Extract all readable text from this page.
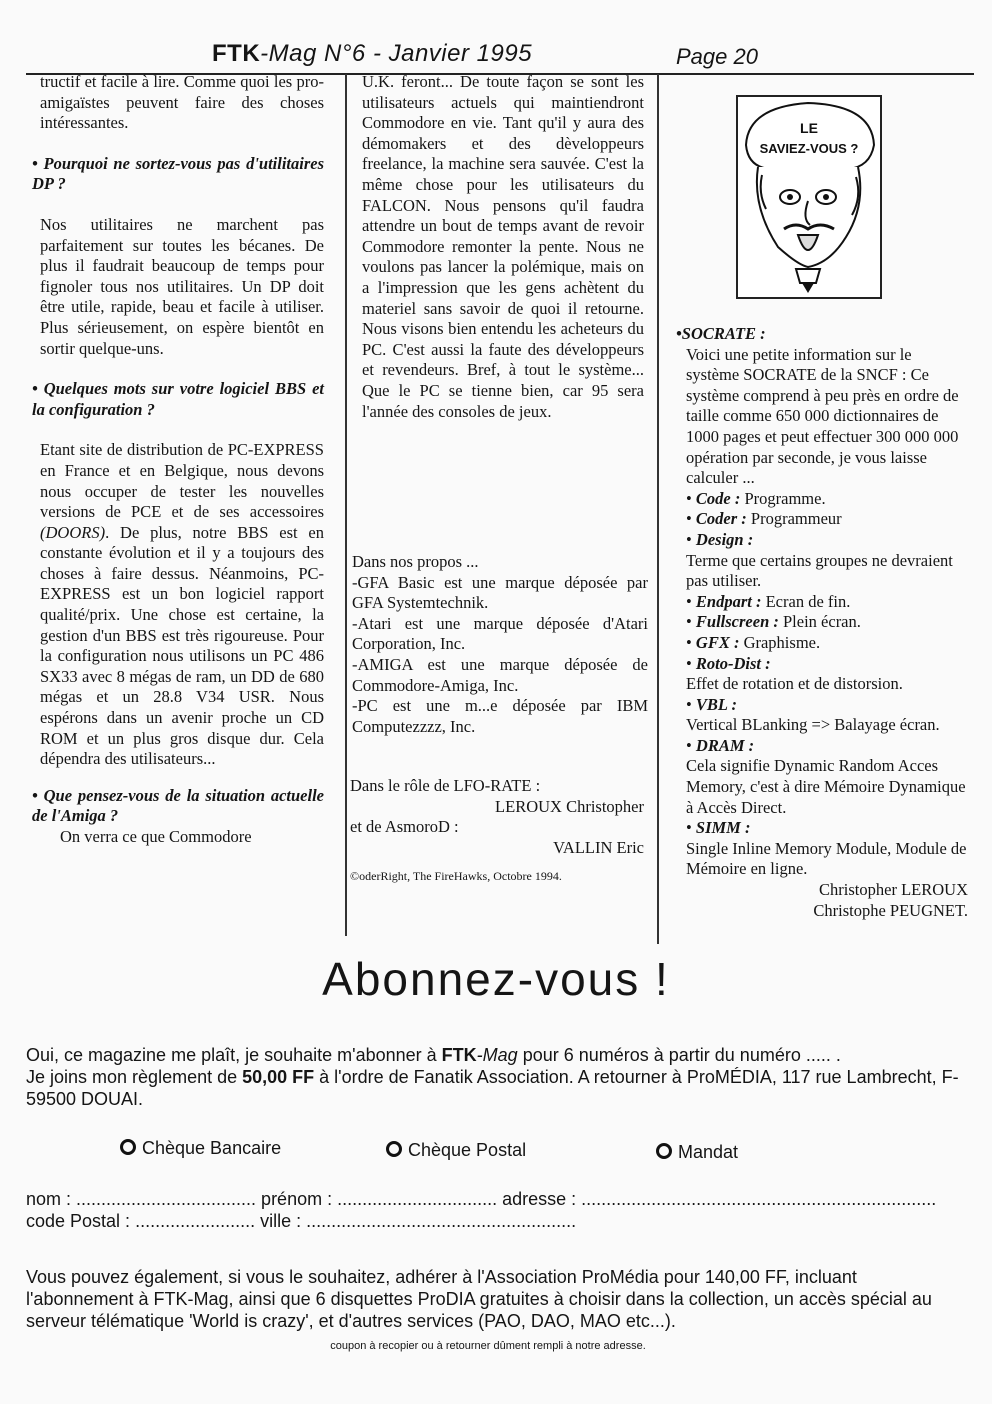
FTK-Mag N°6 - Janvier 1995	Page 20

tructif et facile à lire. Comme quoi les pro-amigaïstes peuvent faire des choses intéressantes.

• Pourquoi ne sortez-vous pas d'utilitaires DP ?

Nos utilitaires ne marchent pas parfaitement sur toutes les bécanes. De plus il faudrait beaucoup de temps pour fignoler tous nos utilitaires. Un DP doit être utile, rapide, beau et facile à utiliser. Plus sérieusement, on espère bientôt en sortir quelque-uns.

• Quelques mots sur votre logiciel BBS et la configuration ?

Etant site de distribution de PC-EXPRESS en France et en Belgique, nous devons nous occuper de tester les nouvelles versions de PCE et de ses accessoires (DOORS). De plus, notre BBS est en constante évolution et il y a toujours des choses à faire dessus. Néanmoins, PC-EXPRESS est un bon logiciel rapport qualité/prix. Une chose est certaine, la gestion d'un BBS est très rigoureuse. Pour la configuration nous utilisons un PC 486 SX33 avec 8 mégas de ram, un DD de 680 mégas et un 28.8 V34 USR. Nous espérons dans un avenir proche un CD ROM et un plus gros disque dur. Cela dépendra des utilisateurs...

• Que pensez-vous de la situation actuelle de l'Amiga ?

On verra ce que Commodore

U.K. feront... De toute façon se sont les utilisateurs actuels qui maintiendront Commodore en vie. Tant qu'il y aura des démomakers et des dèveloppeurs freelance, la machine sera sauvée. C'est la même chose pour les utilisateurs du FALCON. Nous pensons qu'il faudra attendre un bout de temps avant de revoir Commodore remonter la pente. Nous ne voulons pas lancer la polémique, mais on a l'impression que les gens achètent du materiel sans savoir de quoi il retourne. Nous visons bien entendu les acheteurs du PC. C'est aussi la faute des développeurs et revendeurs. Bref, à tout le système... Que le PC se tienne bien, car 95 sera l'année des consoles de jeux.

Dans nos propos ...

-GFA Basic est une marque déposée par GFA Systemtechnik.

-Atari est une marque déposée d'Atari Corporation, Inc.

-AMIGA est une marque déposée de Commodore-Amiga, Inc.

-PC est une m...e déposée par IBM Computezzzz, Inc.

Dans le rôle de LFO-RATE :

LEROUX Christopher

et de AsmoroD :

VALLIN Eric

©oderRight, The FireHawks, Octobre 1994.

LE
SAVIEZ-VOUS ?

•SOCRATE :

Voici une petite information sur le système SOCRATE de la SNCF : Ce système comprend à peu près en ordre de taille comme 650 000 dictionnaires de 1000 pages et peut effectuer 300 000 000 opération par seconde, je vous laisse calculer ...

• Code : Programme.

• Coder : Programmeur

• Design :

Terme que certains groupes ne devraient pas utiliser.

• Endpart : Ecran de fin.

• Fullscreen : Plein écran.

• GFX : Graphisme.

• Roto-Dist :

Effet de rotation et de distorsion.

• VBL :

Vertical BLanking => Balayage écran.

• DRAM :

Cela signifie Dynamic Random Acces Memory, c'est à dire Mémoire Dynamique à Accès Direct.

• SIMM :

Single Inline Memory Module, Module de Mémoire en ligne.

Christopher LEROUX

Christophe PEUGNET.

Abonnez-vous !

Oui, ce magazine me plaît, je souhaite m'abonner à FTK-Mag pour 6 numéros à partir du numéro ..... .

Je joins mon règlement de 50,00 FF à l'ordre de Fanatik Association. A retourner à ProMÉDIA, 117 rue Lambrecht, F-59500 DOUAI.

Chèque Bancaire	Chèque Postal	Mandat

nom : .................................... prénom : ................................ adresse : .......................................................................

code Postal : ........................ ville : ......................................................

Vous pouvez également, si vous le souhaitez, adhérer à l'Association ProMédia pour 140,00 FF, incluant l'abonnement à FTK-Mag, ainsi que 6 disquettes ProDIA gratuites à choisir dans la collection, un accès spécial au serveur télématique 'World is crazy', et d'autres services (PAO, DAO, MAO etc...).
coupon à recopier ou à retourner dûment rempli à notre adresse.
